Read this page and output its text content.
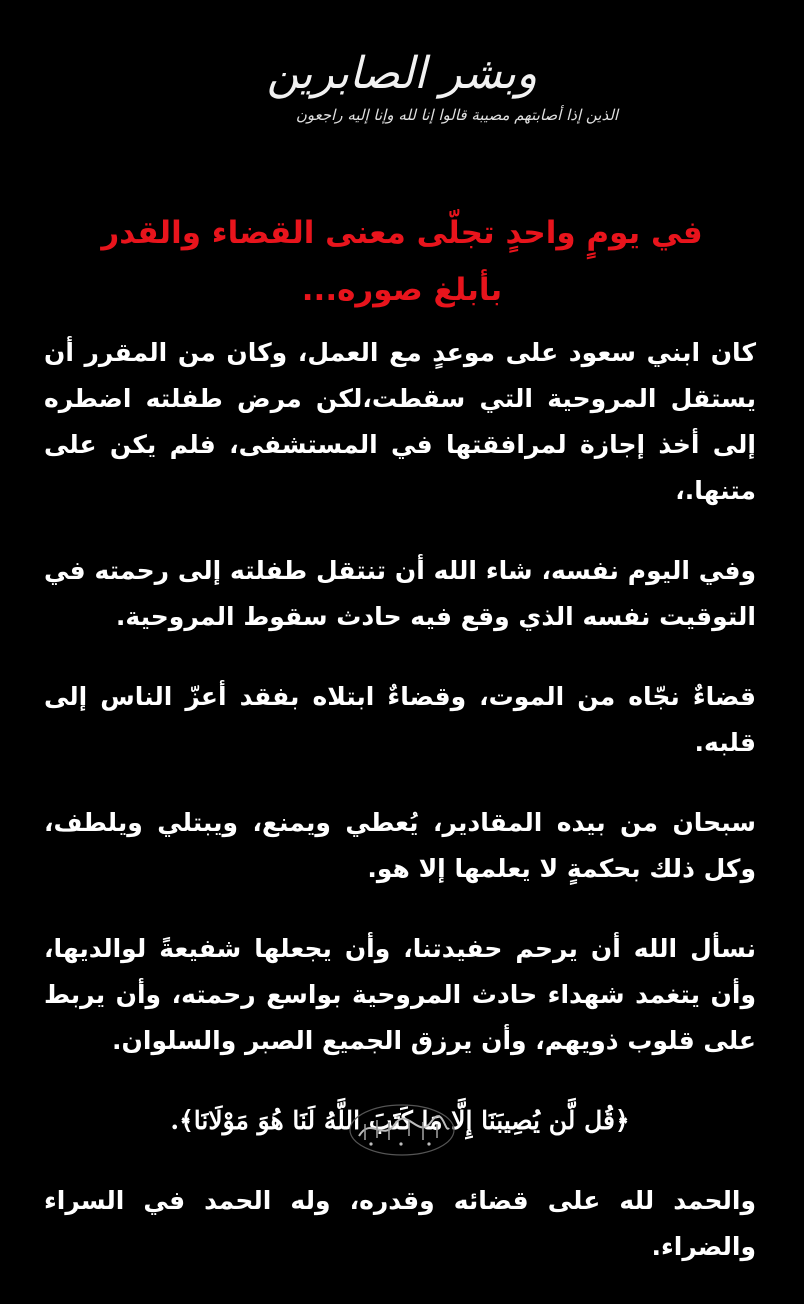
وبشر الصابرين
الذين إذا أصابتهم مصيبة قالوا إنا لله وإنا إليه راجعون
في يومٍ واحدٍ تجلّى معنى القضاء والقدر
بأبلغ صوره...

كان ابني سعود على موعدٍ مع العمل، وكان من المقرر أن يستقل المروحية التي سقطت،لكن مرض طفلته اضطره إلى أخذ إجازة لمرافقتها في المستشفى، فلم يكن على متنها.،

وفي اليوم نفسه، شاء الله أن تنتقل طفلته إلى رحمته في التوقيت نفسه الذي وقع فيه حادث سقوط المروحية.

قضاءٌ نجّاه من الموت، وقضاءٌ ابتلاه بفقد أعزّ الناس إلى قلبه.

سبحان من بيده المقادير، يُعطي ويمنع، ويبتلي ويلطف، وكل ذلك بحكمةٍ لا يعلمها إلا هو.

نسأل الله أن يرحم حفيدتنا، وأن يجعلها شفيعةً لوالديها، وأن يتغمد شهداء حادث المروحية بواسع رحمته، وأن يربط على قلوب ذويهم، وأن يرزق الجميع الصبر والسلوان.

﴿قُل لَّن يُصِيبَنَا إِلَّا مَا كَتَبَ اللَّهُ لَنَا هُوَ مَوْلَانَا﴾.

والحمد لله على قضائه وقدره، وله الحمد في السراء والضراء.
